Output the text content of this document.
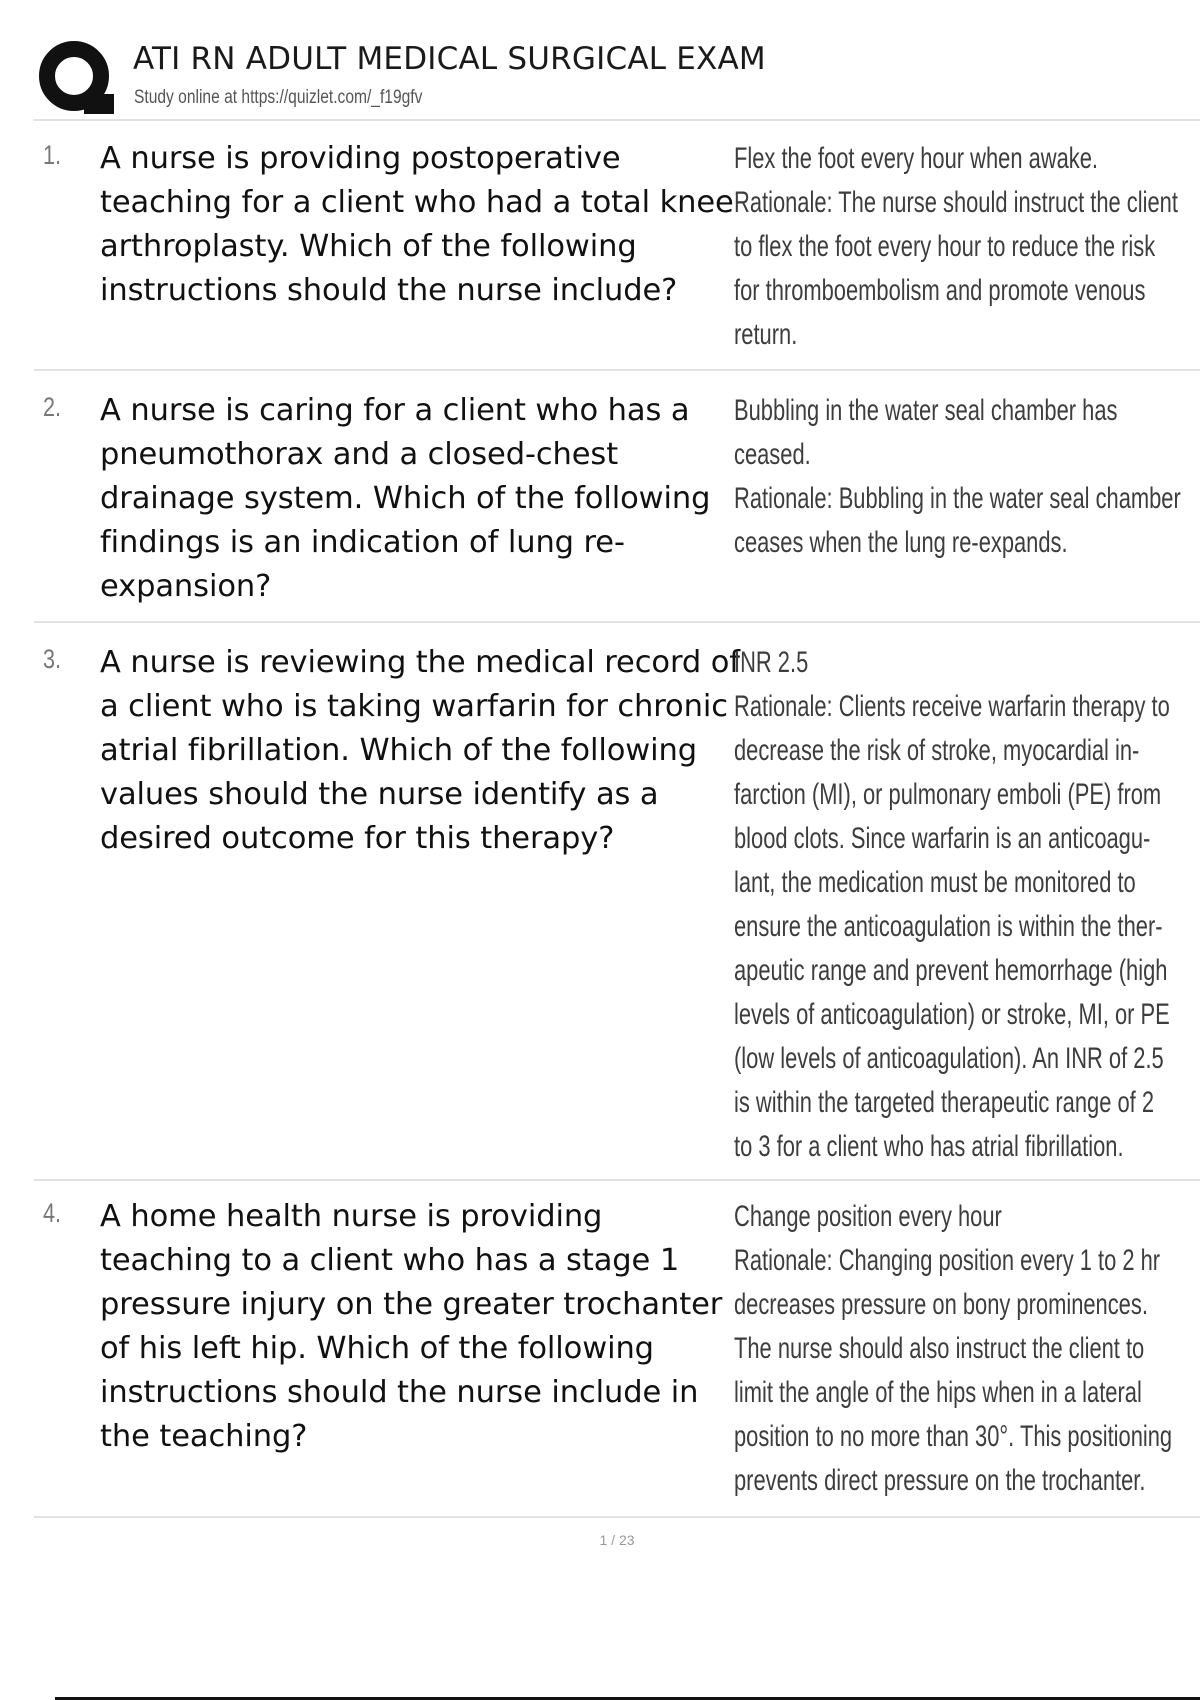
ATI RN ADULT MEDICAL SURGICAL EXAM
Study online at https://quizlet.com/_f19gfv
1. A nurse is providing postoperative teaching for a client who had a total knee arthroplasty. Which of the following instructions should the nurse include?
Flex the foot every hour when awake.
Rationale: The nurse should instruct the client
to flex the foot every hour to reduce the risk
for thromboembolism and promote venous
return.
2. A nurse is caring for a client who has a pneumothorax and a closed-chest drainage system. Which of the following findings is an indication of lung re-expansion?
Bubbling in the water seal chamber has
ceased.
Rationale: Bubbling in the water seal chamber
ceases when the lung re-expands.
3. A nurse is reviewing the medical record of a client who is taking warfarin for chronic atrial fibrillation. Which of the following values should the nurse identify as a desired outcome for this therapy?
INR 2.5
Rationale: Clients receive warfarin therapy to
decrease the risk of stroke, myocardial in-
farction (MI), or pulmonary emboli (PE) from
blood clots. Since warfarin is an anticoagu-
lant, the medication must be monitored to
ensure the anticoagulation is within the ther-
apeutic range and prevent hemorrhage (high
levels of anticoagulation) or stroke, MI, or PE
(low levels of anticoagulation). An INR of 2.5
is within the targeted therapeutic range of 2
to 3 for a client who has atrial fibrillation.
4. A home health nurse is providing teaching to a client who has a stage 1 pressure injury on the greater trochanter of his left hip. Which of the following instructions should the nurse include in the teaching?
Change position every hour
Rationale: Changing position every 1 to 2 hr
decreases pressure on bony prominences.
The nurse should also instruct the client to
limit the angle of the hips when in a lateral
position to no more than 30°. This positioning
prevents direct pressure on the trochanter.
1 / 23
